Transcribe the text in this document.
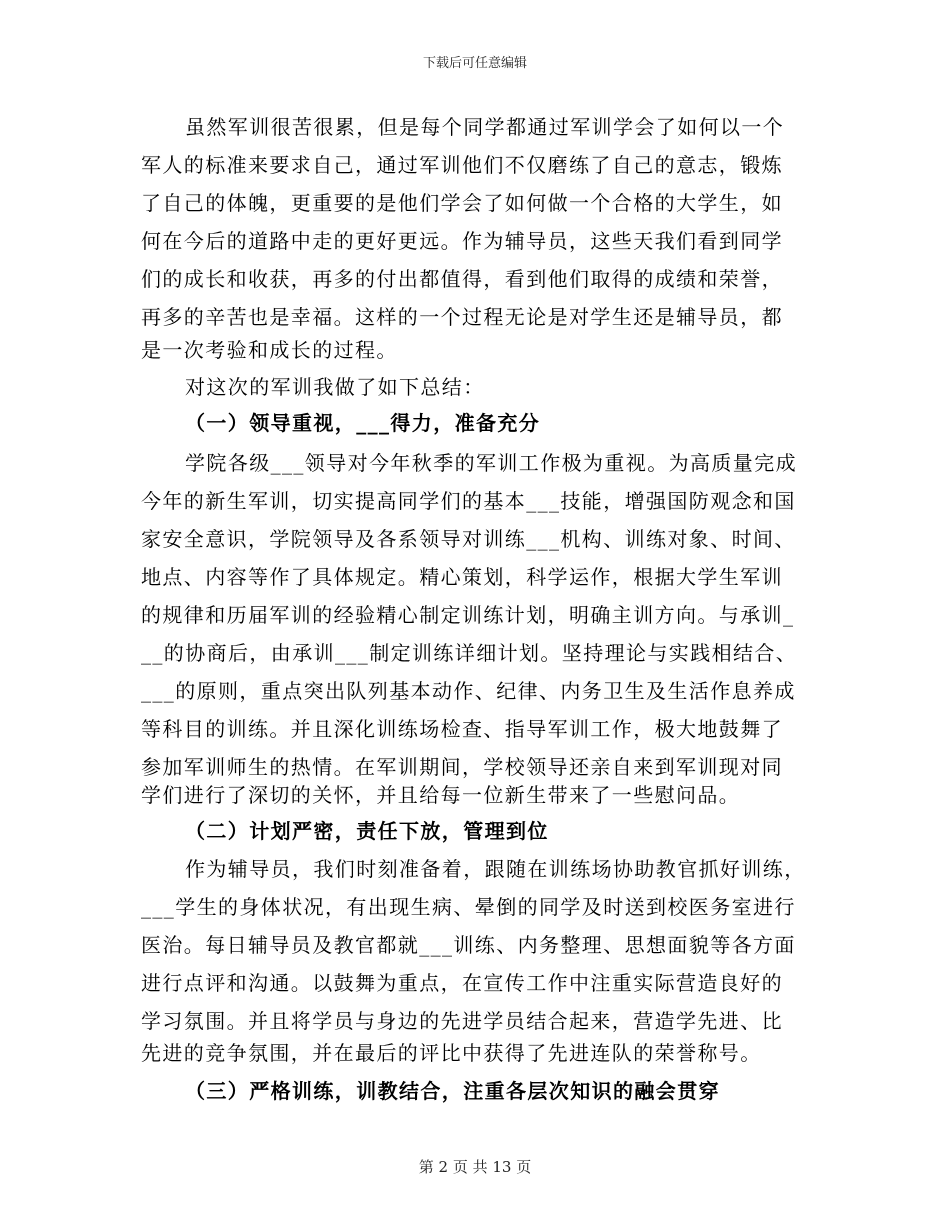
下载后可任意编辑
虽然军训很苦很累，但是每个同学都通过军训学会了如何以一个
军人的标准来要求自己，通过军训他们不仅磨练了自己的意志，锻炼
了自己的体魄，更重要的是他们学会了如何做一个合格的大学生，如
何在今后的道路中走的更好更远。作为辅导员，这些天我们看到同学
们的成长和收获，再多的付出都值得，看到他们取得的成绩和荣誉，
再多的辛苦也是幸福。这样的一个过程无论是对学生还是辅导员，都
是一次考验和成长的过程。
对这次的军训我做了如下总结：
（一）领导重视，___得力，准备充分
学院各级___领导对今年秋季的军训工作极为重视。为高质量完成
今年的新生军训，切实提高同学们的基本___技能，增强国防观念和国
家安全意识，学院领导及各系领导对训练___机构、训练对象、时间、
地点、内容等作了具体规定。精心策划，科学运作，根据大学生军训
的规律和历届军训的经验精心制定训练计划，明确主训方向。与承训_
__的协商后，由承训___制定训练详细计划。坚持理论与实践相结合、
___的原则，重点突出队列基本动作、纪律、内务卫生及生活作息养成
等科目的训练。并且深化训练场检查、指导军训工作，极大地鼓舞了
参加军训师生的热情。在军训期间，学校领导还亲自来到军训现对同
学们进行了深切的关怀，并且给每一位新生带来了一些慰问品。
（二）计划严密，责任下放，管理到位
作为辅导员，我们时刻准备着，跟随在训练场协助教官抓好训练，
___学生的身体状况，有出现生病、晕倒的同学及时送到校医务室进行
医治。每日辅导员及教官都就___训练、内务整理、思想面貌等各方面
进行点评和沟通。以鼓舞为重点，在宣传工作中注重实际营造良好的
学习氛围。并且将学员与身边的先进学员结合起来，营造学先进、比
先进的竞争氛围，并在最后的评比中获得了先进连队的荣誉称号。
（三）严格训练，训教结合，注重各层次知识的融会贯穿
第 2 页 共 13 页
